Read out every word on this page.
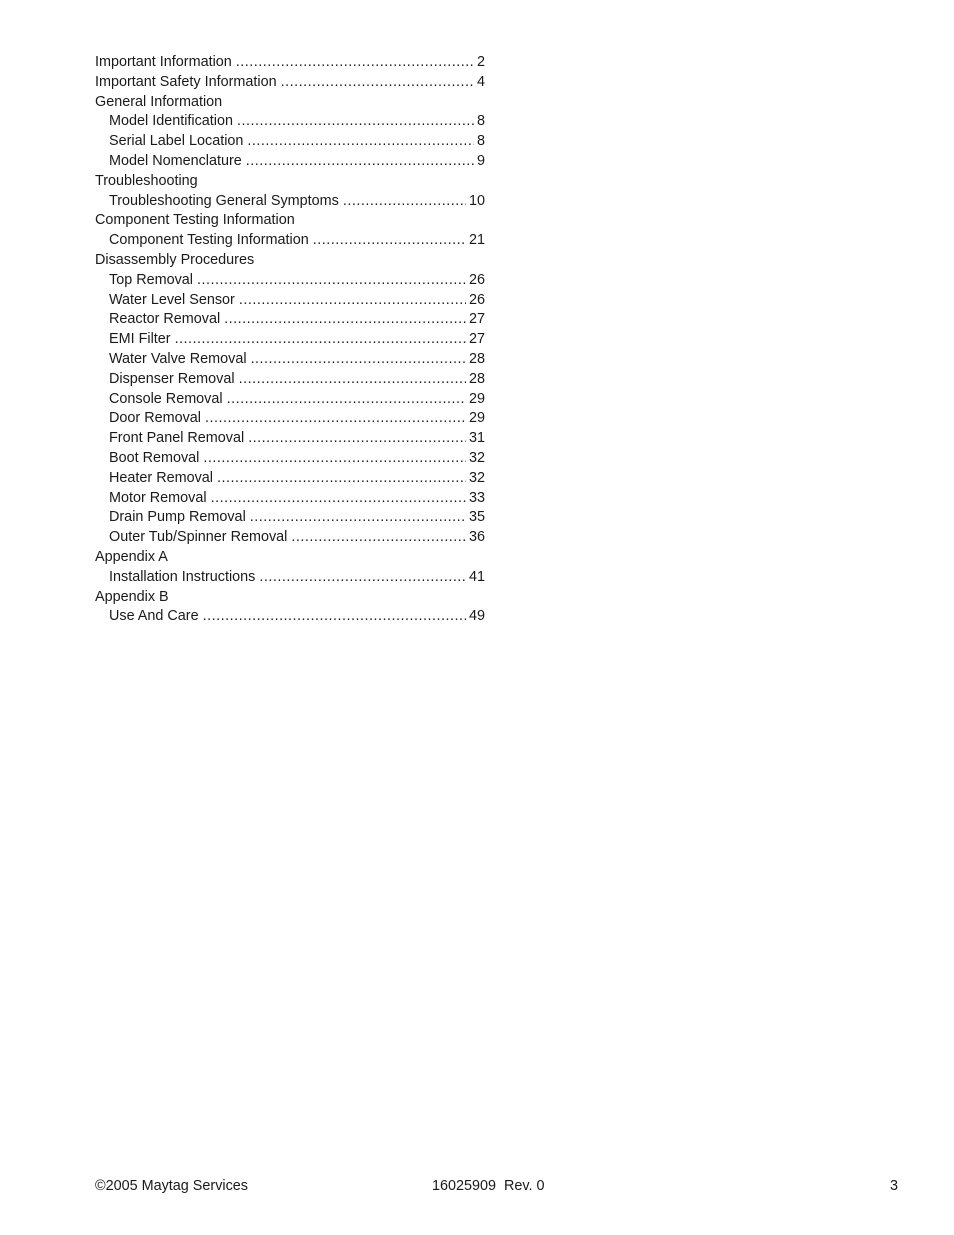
Important Information .....	2
Important Safety Information .....	4
General Information
Model Identification .....	8
Serial Label Location .....	8
Model Nomenclature .....	9
Troubleshooting
Troubleshooting General Symptoms .....	10
Component Testing Information
Component Testing Information .....	21
Disassembly Procedures
Top Removal .....	26
Water Level Sensor .....	26
Reactor Removal .....	27
EMI Filter .....	27
Water Valve Removal .....	28
Dispenser Removal .....	28
Console Removal .....	29
Door Removal .....	29
Front Panel Removal .....	31
Boot Removal .....	32
Heater Removal .....	32
Motor Removal .....	33
Drain Pump Removal .....	35
Outer Tub/Spinner Removal .....	36
Appendix A
Installation Instructions .....	41
Appendix B
Use And Care .....	49
©2005 Maytag Services	16025909  Rev. 0	3
